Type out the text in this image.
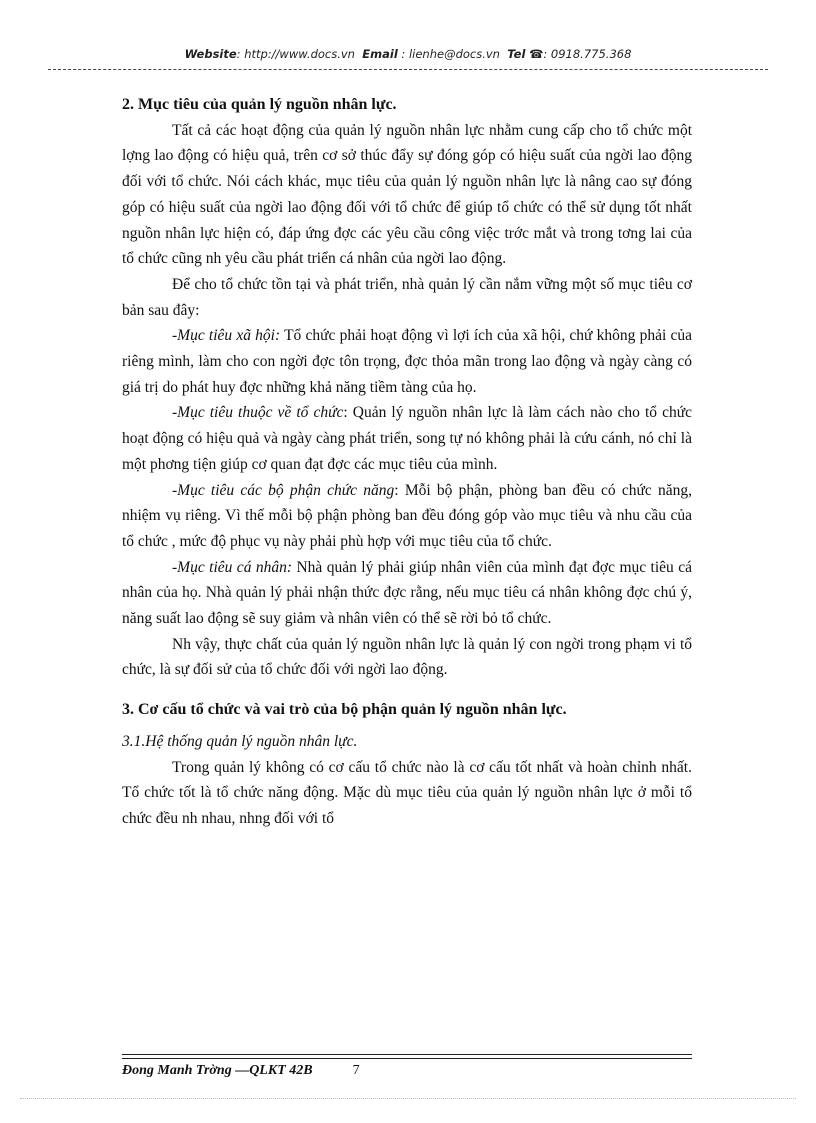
Website: http://www.docs.vn Email : lienhe@docs.vn Tel ☎: 0918.775.368

2. Mục tiêu của quản lý nguồn nhân lực.

Tất cả các hoạt động của quản lý nguồn nhân lực nhằm cung cấp cho tổ chức một lợng lao động có hiệu quả, trên cơ sở thúc đẩy sự đóng góp có hiệu suất của ngời lao động đối với tổ chức. Nói cách khác, mục tiêu của quản lý nguồn nhân lực là nâng cao sự đóng góp có hiệu suất của ngời lao động đối với tổ chức để giúp tổ chức có thể sử dụng tốt nhất nguồn nhân lực hiện có, đáp ứng đợc các yêu cầu công việc trớc mắt và trong tơng lai của tổ chức cũng nh yêu cầu phát triển cá nhân của ngời lao động.

Để cho tổ chức tồn tại và phát triển, nhà quản lý cần nắm vững một số mục tiêu cơ bản sau đây:

-Mục tiêu xã hội: Tổ chức phải hoạt động vì lợi ích của xã hội, chứ không phải của riêng mình, làm cho con ngời đợc tôn trọng, đợc thỏa mãn trong lao động và ngày càng có giá trị do phát huy đợc những khả năng tiềm tàng của họ.

-Mục tiêu thuộc về tổ chức: Quản lý nguồn nhân lực là làm cách nào cho tổ chức hoạt động có hiệu quả và ngày càng phát triển, song tự nó không phải là cứu cánh, nó chỉ là một phơng tiện giúp cơ quan đạt đợc các mục tiêu của mình.

-Mục tiêu các bộ phận chức năng: Mỗi bộ phận, phòng ban đều có chức năng, nhiệm vụ riêng. Vì thế mỗi bộ phận phòng ban đều đóng góp vào mục tiêu và nhu cầu của tổ chức , mức độ phục vụ này phải phù hợp với mục tiêu của tổ chức.

-Mục tiêu cá nhân: Nhà quản lý phải giúp nhân viên của mình đạt đợc mục tiêu cá nhân của họ. Nhà quản lý phải nhận thức đợc rằng, nếu mục tiêu cá nhân không đợc chú ý, năng suất lao động sẽ suy giảm và nhân viên có thể sẽ rời bỏ tổ chức.

Nh vậy, thực chất của quản lý nguồn nhân lực là quản lý con ngời trong phạm vi tổ chức, là sự đối sử của tổ chức đối với ngời lao động.

3. Cơ cấu tổ chức và vai trò của bộ phận quản lý nguồn nhân lực.

3.1.Hệ thống quản lý nguồn nhân lực.

Trong quản lý không có cơ cấu tổ chức nào là cơ cấu tốt nhất và hoàn chỉnh nhất. Tổ chức tốt là tổ chức năng động. Mặc dù mục tiêu của quản lý nguồn nhân lực ở mỗi tổ chức đều nh nhau, nhng đối với tổ

Đong Manh Trờng —QLKT 42B	7
